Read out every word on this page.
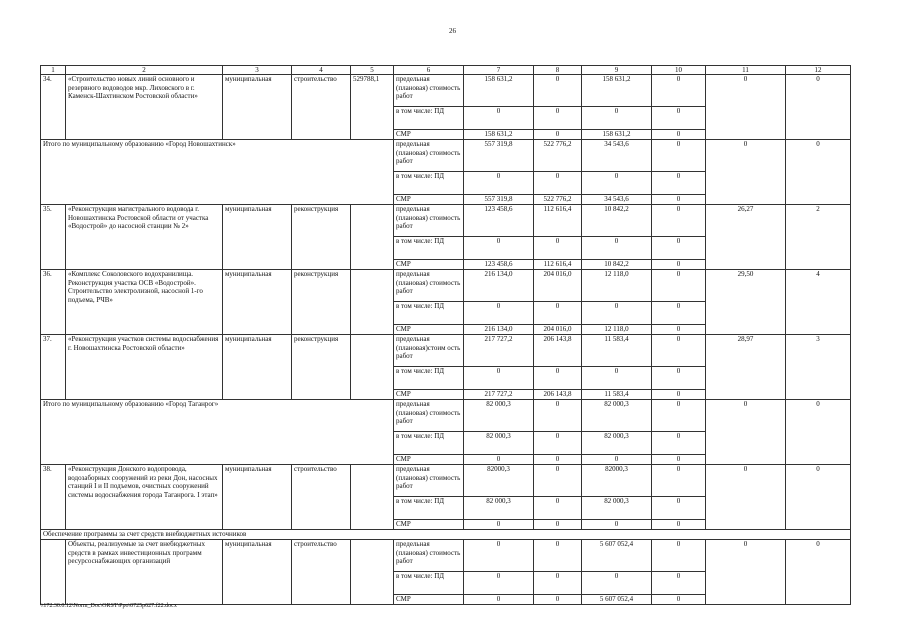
26
1	2	3	4	5	6	7	8	9	10	11	12
34.	«Строительство новых линий основного и резервного водоводов мкр. Лиховского в г. Каменск-Шахтинском Ростовской области»	муниципальная	строительство	529788,1	предельная (плановая) стоимость работ	158 631,2	0	158 631,2	0	0	0
					в том числе: ПД	0	0	0	0		
					СМР	158 631,2	0	158 631,2	0		
Итого по муниципальному образованию «Город Новошахтинск»					предельная (плановая) стоимость работ	557 319,8	522 776,2	34 543,6	0	0	0
					в том числе: ПД	0	0	0	0		
					СМР	557 319,8	522 776,2	34 543,6	0		
35.	«Реконструкция магистрального водовода г. Новошахтинска Ростовской области от участка «Водострой» до насосной станции № 2»	муниципальная	реконструкция		предельная (плановая) стоимость работ	123 458,6	112 616,4	10 842,2	0	26,27	2
					в том числе: ПД	0	0	0	0		
					СМР	123 458,6	112 616,4	10 842,2	0		
36.	«Комплекс Соколовского водохранилища. Реконструкция участка ОСВ «Водострой». Строительство электролизной, насосной 1-го подъема, РЧВ»	муниципальная	реконструкция		предельная (плановая) стоимость работ	216 134,0	204 016,0	12 118,0	0	29,50	4
					в том числе: ПД	0	0	0	0		
					СМР	216 134,0	204 016,0	12 118,0	0		
37.	«Реконструкция участков системы водоснабжения г. Новошахтинска Ростовской области»	муниципальная	реконструкция		предельная (плановая)стоим ость работ	217 727,2	206 143,8	11 583,4	0	28,97	3
					в том числе: ПД	0	0	0	0		
					СМР	217 727,2	206 143,8	11 583,4	0		
Итого по муниципальному образованию «Город Таганрог»					предельная (плановая) стоимость работ	82 000,3	0	82 000,3	0	0	0
					в том числе: ПД	82 000,3	0	82 000,3	0		
					СМР	0	0	0	0		
38.	«Реконструкция Донского водопровода, водозаборных сооружений из реки Дон, насосных станций I и II подъемов, очистных сооружений системы водоснабжения города Таганрога. I этап»	муниципальная	строительство		предельная (плановая) стоимость работ	82000,3	0	82000,3	0	0	0
					в том числе: ПД	82 000,3	0	82 000,3	0		
					СМР	0	0	0	0		
Обеспечение программы за счет средств внебюджетных источников											
	Объекты, реализуемые за счет внебюджетных средств в рамках инвестиционных программ ресурсоснабжающих организаций	муниципальная	строительство		предельная (плановая) стоимость работ	0	0	5 607 052,4	0	0	0
					в том числе: ПД	0	0	0	0		
					СМР	0	0	5 607 052,4	0		
\\172.30.0.12\Norm_Doc\ORST\Ppo\0725p627.f22.docx
